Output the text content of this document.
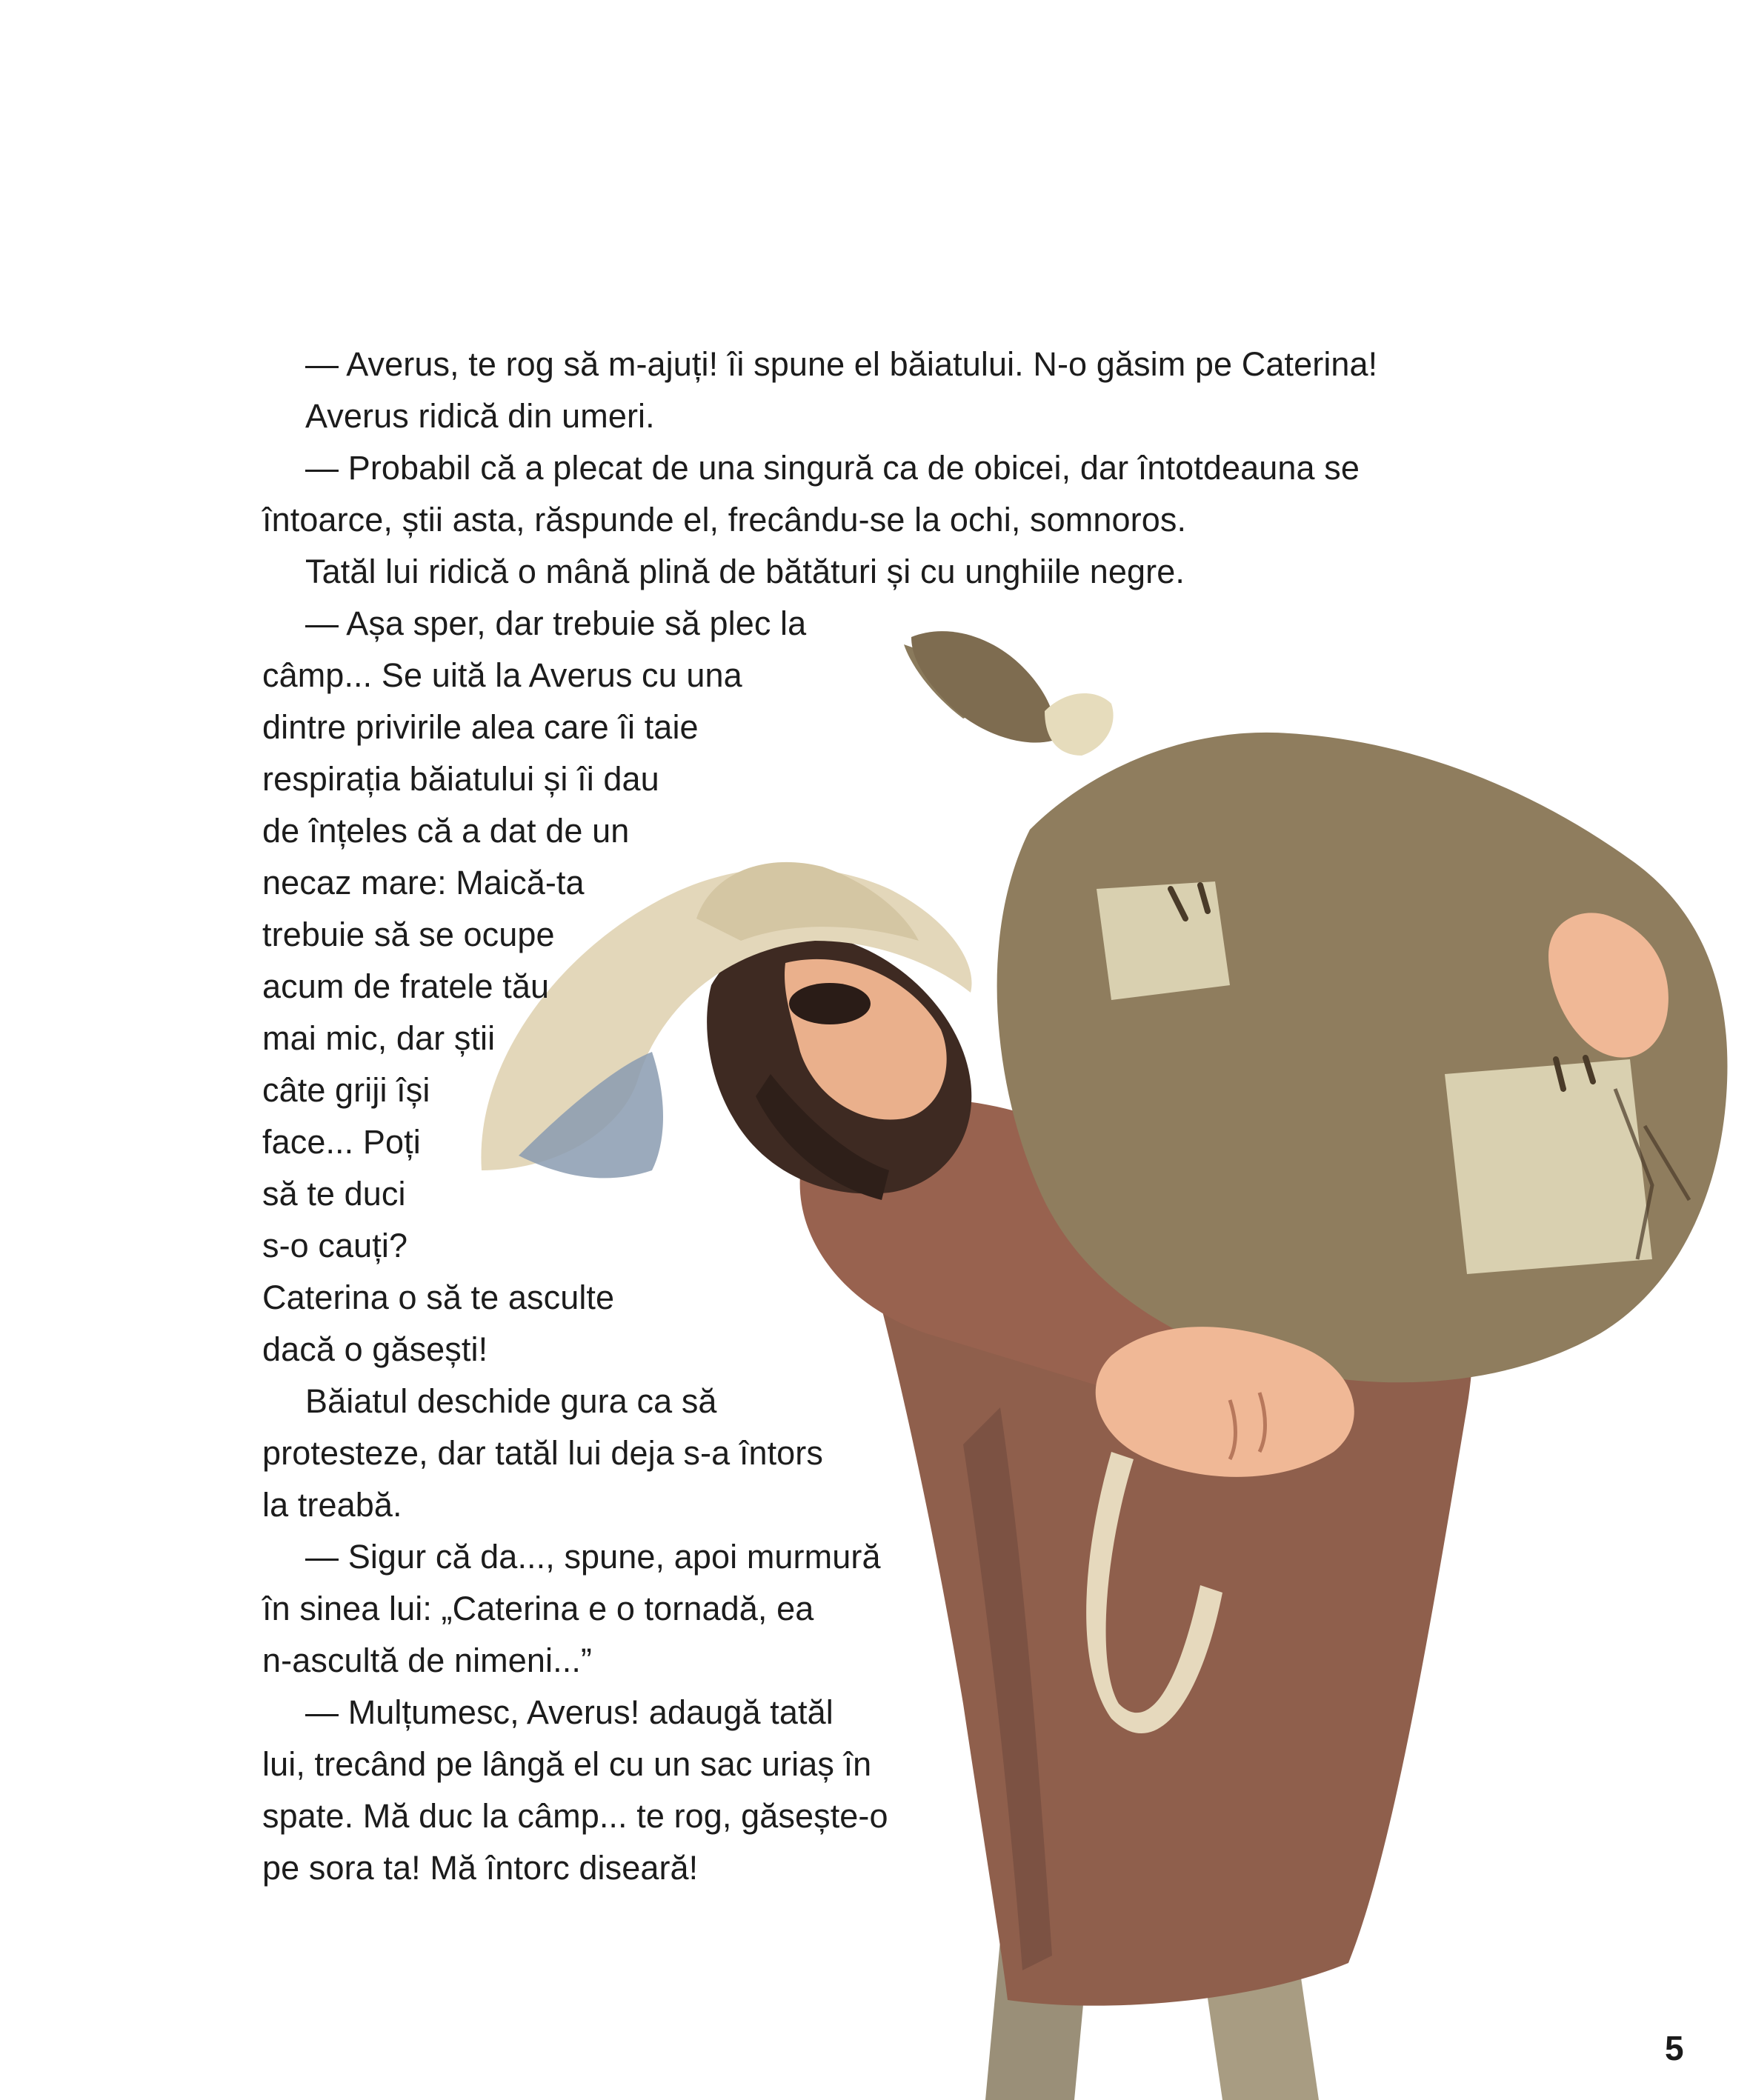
— Averus, te rog să m-ajuți! îi spune el băiatului. N-o găsim pe Caterina!
Averus ridică din umeri.
— Probabil că a plecat de una singură ca de obicei, dar întotdeauna se
întoarce, știi asta, răspunde el, frecându-se la ochi, somnoros.
Tatăl lui ridică o mână plină de bătături și cu unghiile negre.
— Așa sper, dar trebuie să plec la
câmp... Se uită la Averus cu una
dintre privirile alea care îi taie
respirația băiatului și îi dau
de înțeles că a dat de un
necaz mare: Maică-ta
trebuie să se ocupe
acum de fratele tău
mai mic, dar știi
câte griji își
face... Poți
să te duci
s-o cauți?
Caterina o să te asculte
dacă o găsești!
Băiatul deschide gura ca să
protesteze, dar tatăl lui deja s-a întors
la treabă.
— Sigur că da..., spune, apoi murmură
în sinea lui: „Caterina e o tornadă, ea
n-ascultă de nimeni...”
— Mulțumesc, Averus! adaugă tatăl
lui, trecând pe lângă el cu un sac uriaș în
spate. Mă duc la câmp... te rog, găsește-o
pe sora ta! Mă întorc diseară!
5
